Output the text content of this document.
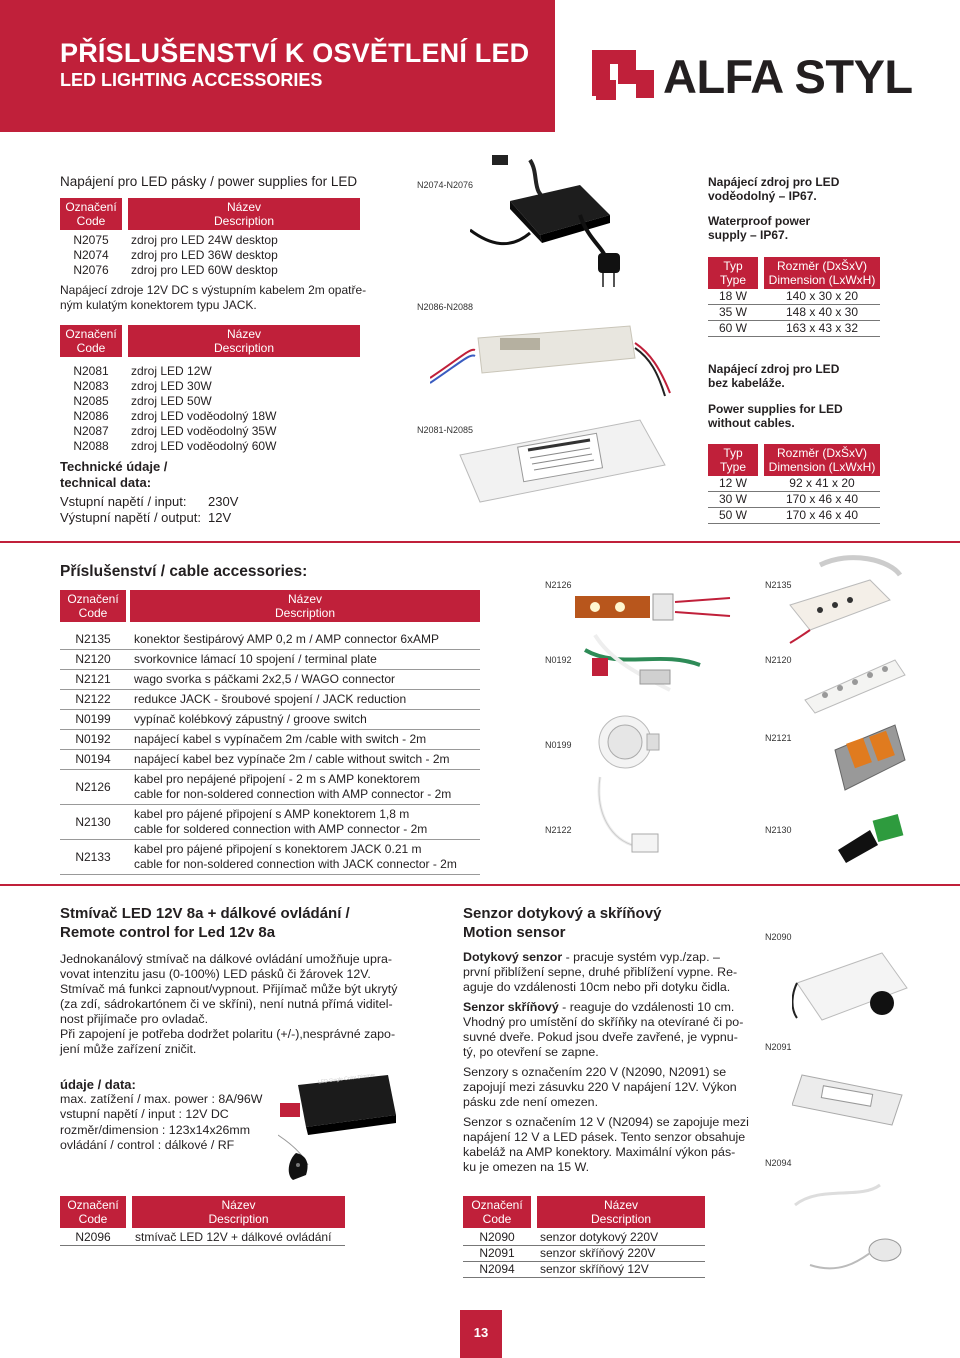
PŘÍSLUŠENSTVÍ K OSVĚTLENÍ LED
LED LIGHTING ACCESSORIES	ALFA STYL
Napájení pro LED pásky / power supplies for LED
Označení
Code		Název
Description

N2075		zdroj pro LED 24W desktop
N2074		zdroj pro LED 36W desktop
N2076		zdroj pro LED 60W desktop
Napájecí zdroje 12V DC s výstupním kabelem 2m opatře-
ným kulatým konektorem typu JACK.
Označení
Code		Název
Description

N2081		zdroj LED 12W
N2083		zdroj LED 30W
N2085		zdroj LED 50W
N2086		zdroj LED voděodolný 18W
N2087		zdroj LED voděodolný 35W
N2088		zdroj LED voděodolný 60W
Technické údaje /
technical data:
Vstupní napětí / input: 230V
Výstupní napětí / output: 12V
N2074-N2076
N2086-N2088
N2081-N2085
Napájecí zdroj pro LED
voděodolný – IP67.
Waterproof power
supply – IP67.
Typ
Type		Rozměr (DxŠxV)
Dimension (LxWxH)
18 W		140 x 30 x 20
35 W		148 x 40 x 30
60 W		163 x 43 x 32
Napájecí zdroj pro LED
bez kabeláže.
Power supplies for LED
without cables.
Typ
Type		Rozměr (DxŠxV)
Dimension (LxWxH)
12 W		92 x 41 x 20
30 W		170 x 46 x 40
50 W		170 x 46 x 40
Příslušenství / cable accessories:
Označení
Code		Název
Description

N2135		konektor šestipárový AMP 0,2 m / AMP connector 6xAMP
N2120		svorkovnice lámací 10 spojení / terminal plate
N2121		wago svorka s páčkami 2x2,5 / WAGO connector
N2122		redukce JACK - šroubové spojení / JACK reduction
N0199		vypínač kolébkový zápustný / groove switch
N0192		napájecí kabel s vypínačem 2m /cable with switch - 2m
N0194		napájecí kabel bez vypínače 2m / cable without switch - 2m
N2126		kabel pro nepájené připojení - 2 m s AMP konektorem
cable for non-soldered connection with AMP connector - 2m

N2130		kabel pro pájené připojení s AMP konektorem 1,8 m
cable for soldered connection with AMP connector - 2m

N2133		kabel pro pájené připojení s konektorem JACK 0.21 m
cable for non-soldered connection with JACK connector - 2m
N2126	N2135
N0192	N2120
N0199
N2121
N2122	N2130
Stmívač LED 12V 8a + dálkové ovládání /
Remote control for Led 12v 8a
Jednokanálový stmívač na dálkové ovládání umožňuje upra-
vovat intenzitu jasu (0-100%) LED pásků či žárovek 12V.
Stmívač má funkci zapnout/vypnout. Přijímač může být ukrytý
(za zdí, sádrokartónem či ve skříni), není nutná přímá viditel-
nost přijímače pro ovladač.
Při zapojení je potřeba dodržet polaritu (+/-),nesprávné zapo-
jení může zařízení zničit.
údaje / data:
max. zatížení / max. power : 8A/96W
vstupní napětí / input : 12V DC
rozměr/dimension : 123x14x26mm
ovládání / control : dálkové / RF
LED Single Color Dimmer
Označení
Code		Název
Description

N2096		stmívač LED 12V + dálkové ovládání
Senzor dotykový a skříňový
Motion sensor
Dotykový senzor - pracuje systém vyp./zap. –
první přiblížení sepne, druhé přiblížení vypne. Re-
aguje do vzdálenosti 10cm nebo při dotyku čidla.
Senzor skříňový - reaguje do vzdálenosti 10 cm.
Vhodný pro umístění do skříňky na otevírané či po-
suvné dveře. Pokud jsou dveře zavřené, je vypnu-
tý, po otevření se zapne.
Senzory s označením 220 V (N2090, N2091) se
zapojují mezi zásuvku 220 V napájení 12V. Výkon
pásku zde není omezen.
Senzor s označením 12 V (N2094) se zapojuje mezi
napájení 12 V a LED pásek. Tento senzor obsahuje
kabeláž na AMP konektory. Maximální výkon pás-
ku je omezen na 15 W.
N2090
N2091
N2094
Označení
Code		Název
Description

N2090		senzor dotykový 220V
N2091		senzor skříňový 220V
N2094		senzor skříňový 12V
13
